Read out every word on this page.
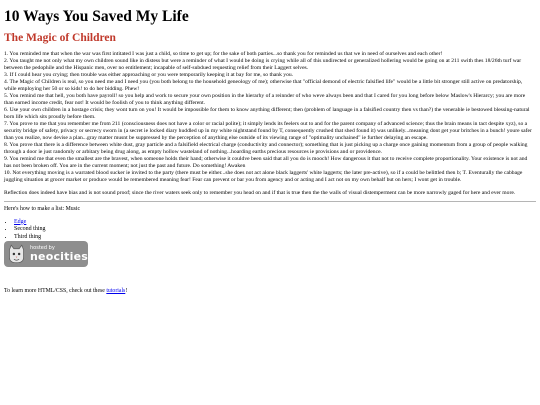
10 Ways You Saved My Life
The Magic of Children

1. You reminded me that when the war was first intitated I was just a child, so time to get up; for the sake of both parties...so thank you for reminded us that we in need of ourselves and each other!

2. You taught me not only what my own children sound like in distess but were a reminder of what I would be doing is crying while all of this undirected or generalized hollering would be going on at 211 swith thes 18/26th turf war between the pedophile and the Hispanic men, over no entitlement; incapable of self-subdued requesting relief from their Laggert selves.

3. If I could hear you crying; then trouble was either approaching or you were temporarily keeping it at bay for me, so thank you.

4. The Magic of Children is real, so you need me and I need you (you both belong to the household geneology of me); otherwise that "official demond of electric falsified life" would be a little bit stronger still active on predatorship, while employing her 50 or so kids! to do her bidding. Phew!

5. You remind me that hell, you both have payroll! so you help and work to secure your own position in the hierarhy of a reinnder of who weve always been and that I cared for you long before below Maslow's Hierarcy; you are more than earned income credit, fear not! It would be foolish of you to think anything different.

6. Use your own children in a hostage crisis; they wont turn on you! It would be impossible for them to know anything different; then (problem of language in a falsified country then vs than?) the venerable ie bestowed blessing-natural born life which sits proudly before them.

7. You prove to me that you remember me from 211 (consciousness does not have a color or racial polite); it simply lends its feelers out to and for the parent company of advanced science; thus the brain means in tact despite xyz), so a security bridge of safety, privacy or secrecy sworn in (a secret ie locked diary huddled up in my white nightstand found by T, consequently crushed that shed found it) was unlikely...meaning dont get your britches in a bunch! youre safer than you realize, now devise a plan...gray matter musnt be suppressed by the perception of anything else outside of its viewing range of "optimality unchained" ie further delaying an escape.

8. You prove that there is a difference between white dust, gray particle and a falsifield electrical charge (conductivity and connector); something that is just picking up a charge once gaining momentum from a group of people walking through a door ie just randomly or arbitary being drug along, as empty hollow wasteland of nothing...hoarding earths precious resources ie provisions and or providence.

9. You remind me that even the smallest are the bravest, when someone holds their hand; otherwise it couldve been said that all you do is mooch! How dangerous it that not to receive complete proportionality. Your existence is not and has not been broken off. You are in the current moment; not just the past and future. Do something! Awaken

10. Not everything moving is a warrated blood sucker ie invited to the party (there must be either...she does not act alone black laggerts' white laggerts; the later pre-active), so if a could be belittled then b; T. Eventurally the cabbage juggling situation at grocer market or produce would be remembered meaning fear! Fear can prevent or bar you from agency and or acting and I act not on my own behalf but on hers; I wont get in trouble.

Reflection does indeed have bias and is not sound proof; since the river waters seek only to remember you head on and if that is true then the the walls of visual distemperment can be more narrowly gaged for here and ever more.

Here's how to make a list: Music

• Edge
• Second thing
• Third thing
hosted by
neocities

To learn more HTML/CSS, check out these tutorials!
